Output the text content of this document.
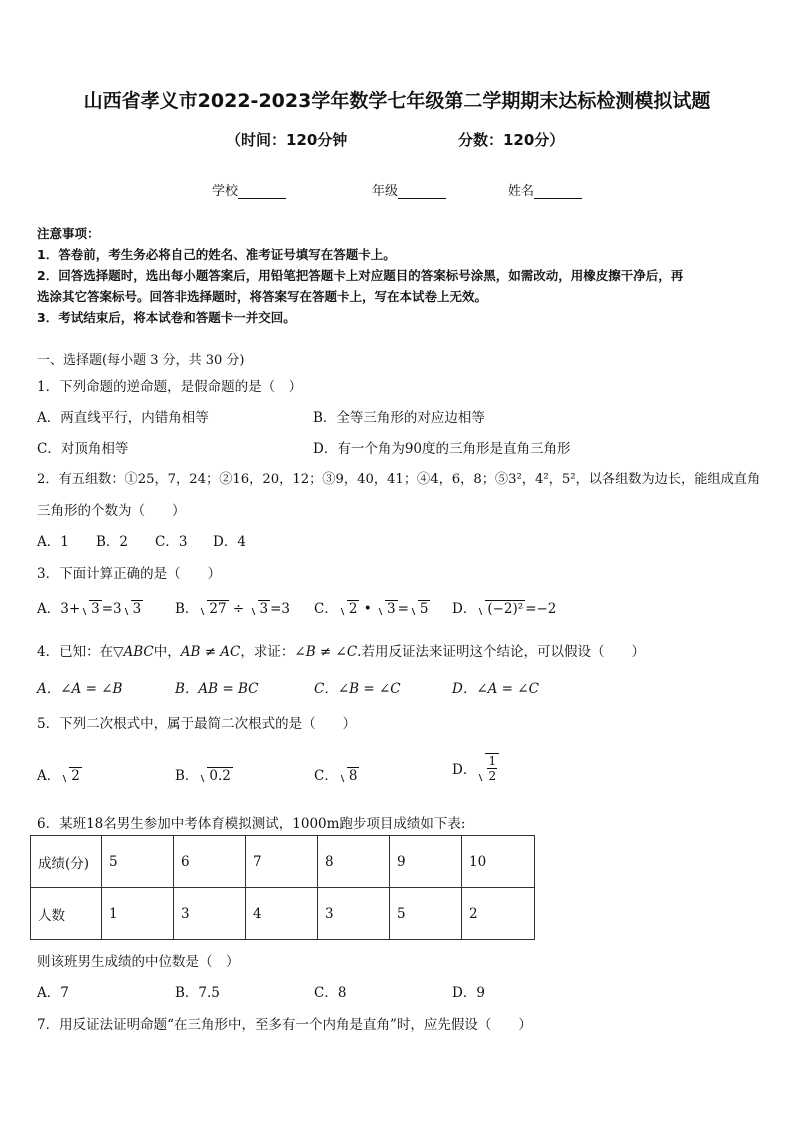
山西省孝义市2022-2023学年数学七年级第二学期期末达标检测模拟试题
（时间：120分钟	分数：120分）
学校	年级	姓名
注意事项：
1．答卷前，考生务必将自己的姓名、准考证号填写在答题卡上。
2．回答选择题时，选出每小题答案后，用铅笔把答题卡上对应题目的答案标号涂黑，如需改动，用橡皮擦干净后，再
选涂其它答案标号。回答非选择题时，将答案写在答题卡上，写在本试卷上无效。
3．考试结束后，将本试卷和答题卡一并交回。
一、选择题(每小题 3 分，共 30 分)
1．下列命题的逆命题，是假命题的是（　）
A．两直线平行，内错角相等	B．全等三角形的对应边相等
C．对顶角相等	D．有一个角为90度的三角形是直角三角形
2．有五组数：①25，7，24；②16，20，12；③9，40，41；④4，6，8；⑤3²，4²，5²，以各组数为边长，能组成直角
三角形的个数为（　　）
A．1 B．2 C．3 D．4
3．下面计算正确的是（　　）
A．3+ 3 =3 3	B． 27 ÷ 3 =3 C． 2 • 3 = 5 D． (−2)² =−2
4．已知：在▽ABC中，AB ≠ AC，求证：∠B ≠ ∠C.若用反证法来证明这个结论，可以假设（　　）
A．∠A = ∠B	B．AB = BC	C．∠B = ∠C	D．∠A = ∠C
5．下列二次根式中，属于最简二次根式的是（　　）
A． 2	B． 0.2	C． 8	D． $\frac{1}{2}$
6．某班18名男生参加中考体育模拟测试，1000m跑步项目成绩如下表:
成绩(分)	5	6	7	8	9	10
人数	1	3	4	3	5	2
则该班男生成绩的中位数是（　）
A．7	B．7.5	C．8	D．9
7．用反证法证明命题“在三角形中，至多有一个内角是直角”时，应先假设（　　）
